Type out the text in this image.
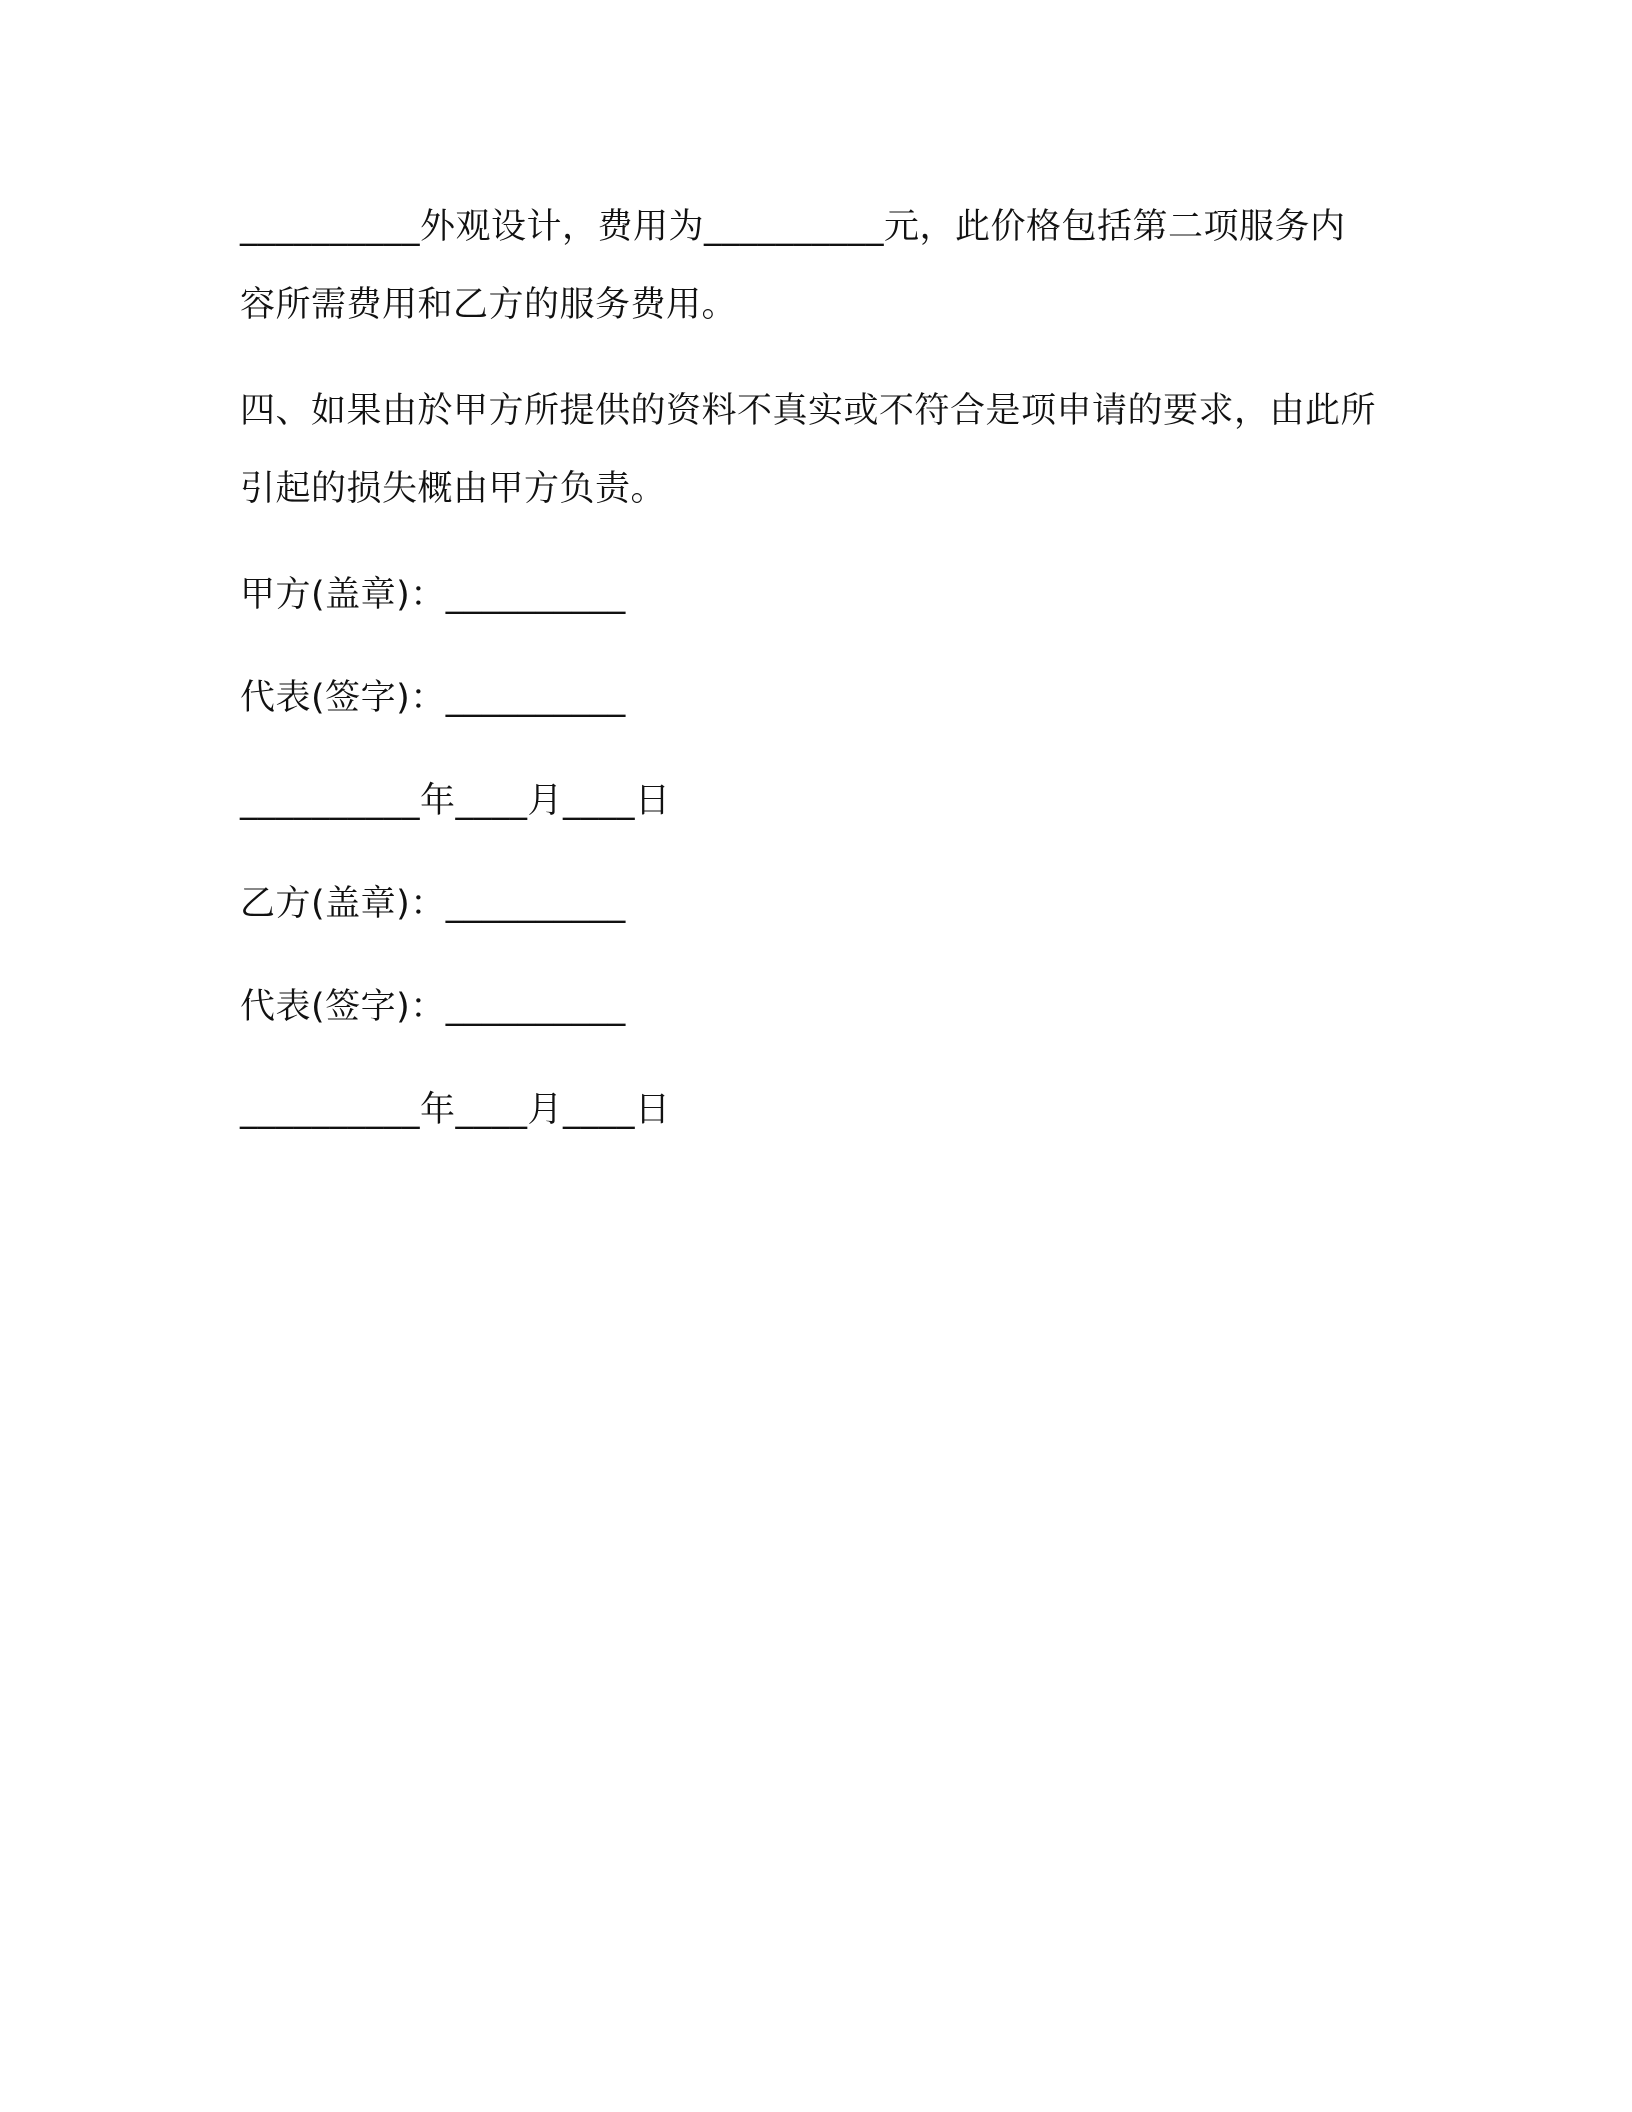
__________外观设计，费用为__________元，此价格包括第二项服务内容所需费用和乙方的服务费用。

四、如果由於甲方所提供的资料不真实或不符合是项申请的要求，由此所引起的损失概由甲方负责。

甲方(盖章)：__________

代表(签字)：__________

__________年____月____日

乙方(盖章)：__________

代表(签字)：__________

__________年____月____日
